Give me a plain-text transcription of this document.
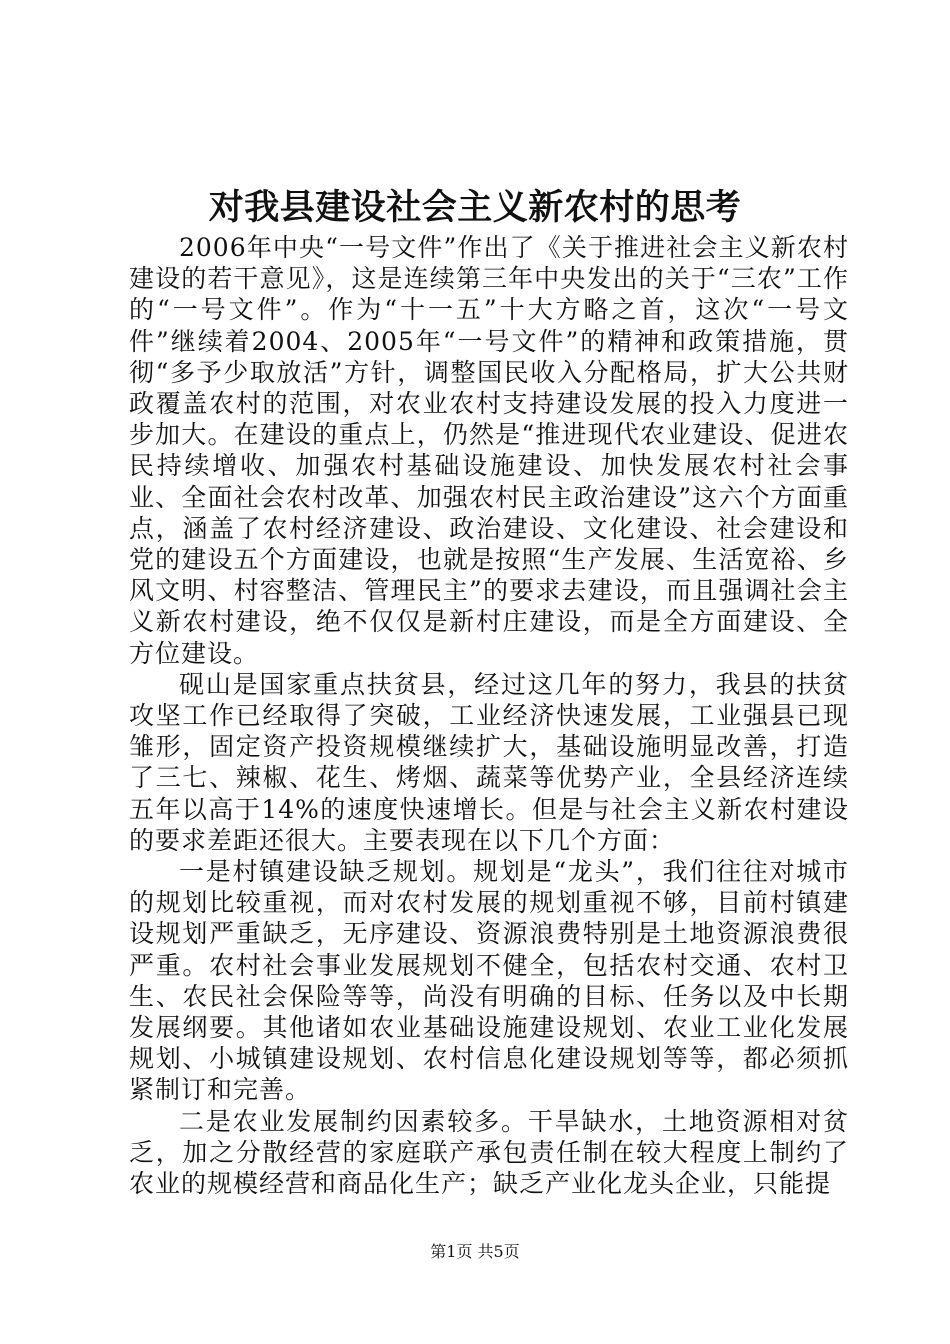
对我县建设社会主义新农村的思考

2006年中央“一号文件”作出了《关于推进社会主义新农村建设的若干意见》，这是连续第三年中央发出的关于“三农”工作的“一号文件”。作为“十一五”十大方略之首，这次“一号文件”继续着2004、2005年“一号文件”的精神和政策措施，贯彻“多予少取放活”方针，调整国民收入分配格局，扩大公共财政覆盖农村的范围，对农业农村支持建设发展的投入力度进一步加大。在建设的重点上，仍然是“推进现代农业建设、促进农民持续增收、加强农村基础设施建设、加快发展农村社会事业、全面社会农村改革、加强农村民主政治建设”这六个方面重点，涵盖了农村经济建设、政治建设、文化建设、社会建设和党的建设五个方面建设，也就是按照“生产发展、生活宽裕、乡风文明、村容整洁、管理民主”的要求去建设，而且强调社会主义新农村建设，绝不仅仅是新村庄建设，而是全方面建设、全方位建设。

砚山是国家重点扶贫县，经过这几年的努力，我县的扶贫攻坚工作已经取得了突破，工业经济快速发展，工业强县已现雏形，固定资产投资规模继续扩大，基础设施明显改善，打造了三七、辣椒、花生、烤烟、蔬菜等优势产业，全县经济连续五年以高于14%的速度快速增长。但是与社会主义新农村建设的要求差距还很大。主要表现在以下几个方面：

一是村镇建设缺乏规划。规划是“龙头”，我们往往对城市的规划比较重视，而对农村发展的规划重视不够，目前村镇建设规划严重缺乏，无序建设、资源浪费特别是土地资源浪费很严重。农村社会事业发展规划不健全，包括农村交通、农村卫生、农民社会保险等等，尚没有明确的目标、任务以及中长期发展纲要。其他诸如农业基础设施建设规划、农业工业化发展规划、小城镇建设规划、农村信息化建设规划等等，都必须抓紧制订和完善。

二是农业发展制约因素较多。干旱缺水，土地资源相对贫乏，加之分散经营的家庭联产承包责任制在较大程度上制约了农业的规模经营和商品化生产；缺乏产业化龙头企业，只能提

第1页 共5页
